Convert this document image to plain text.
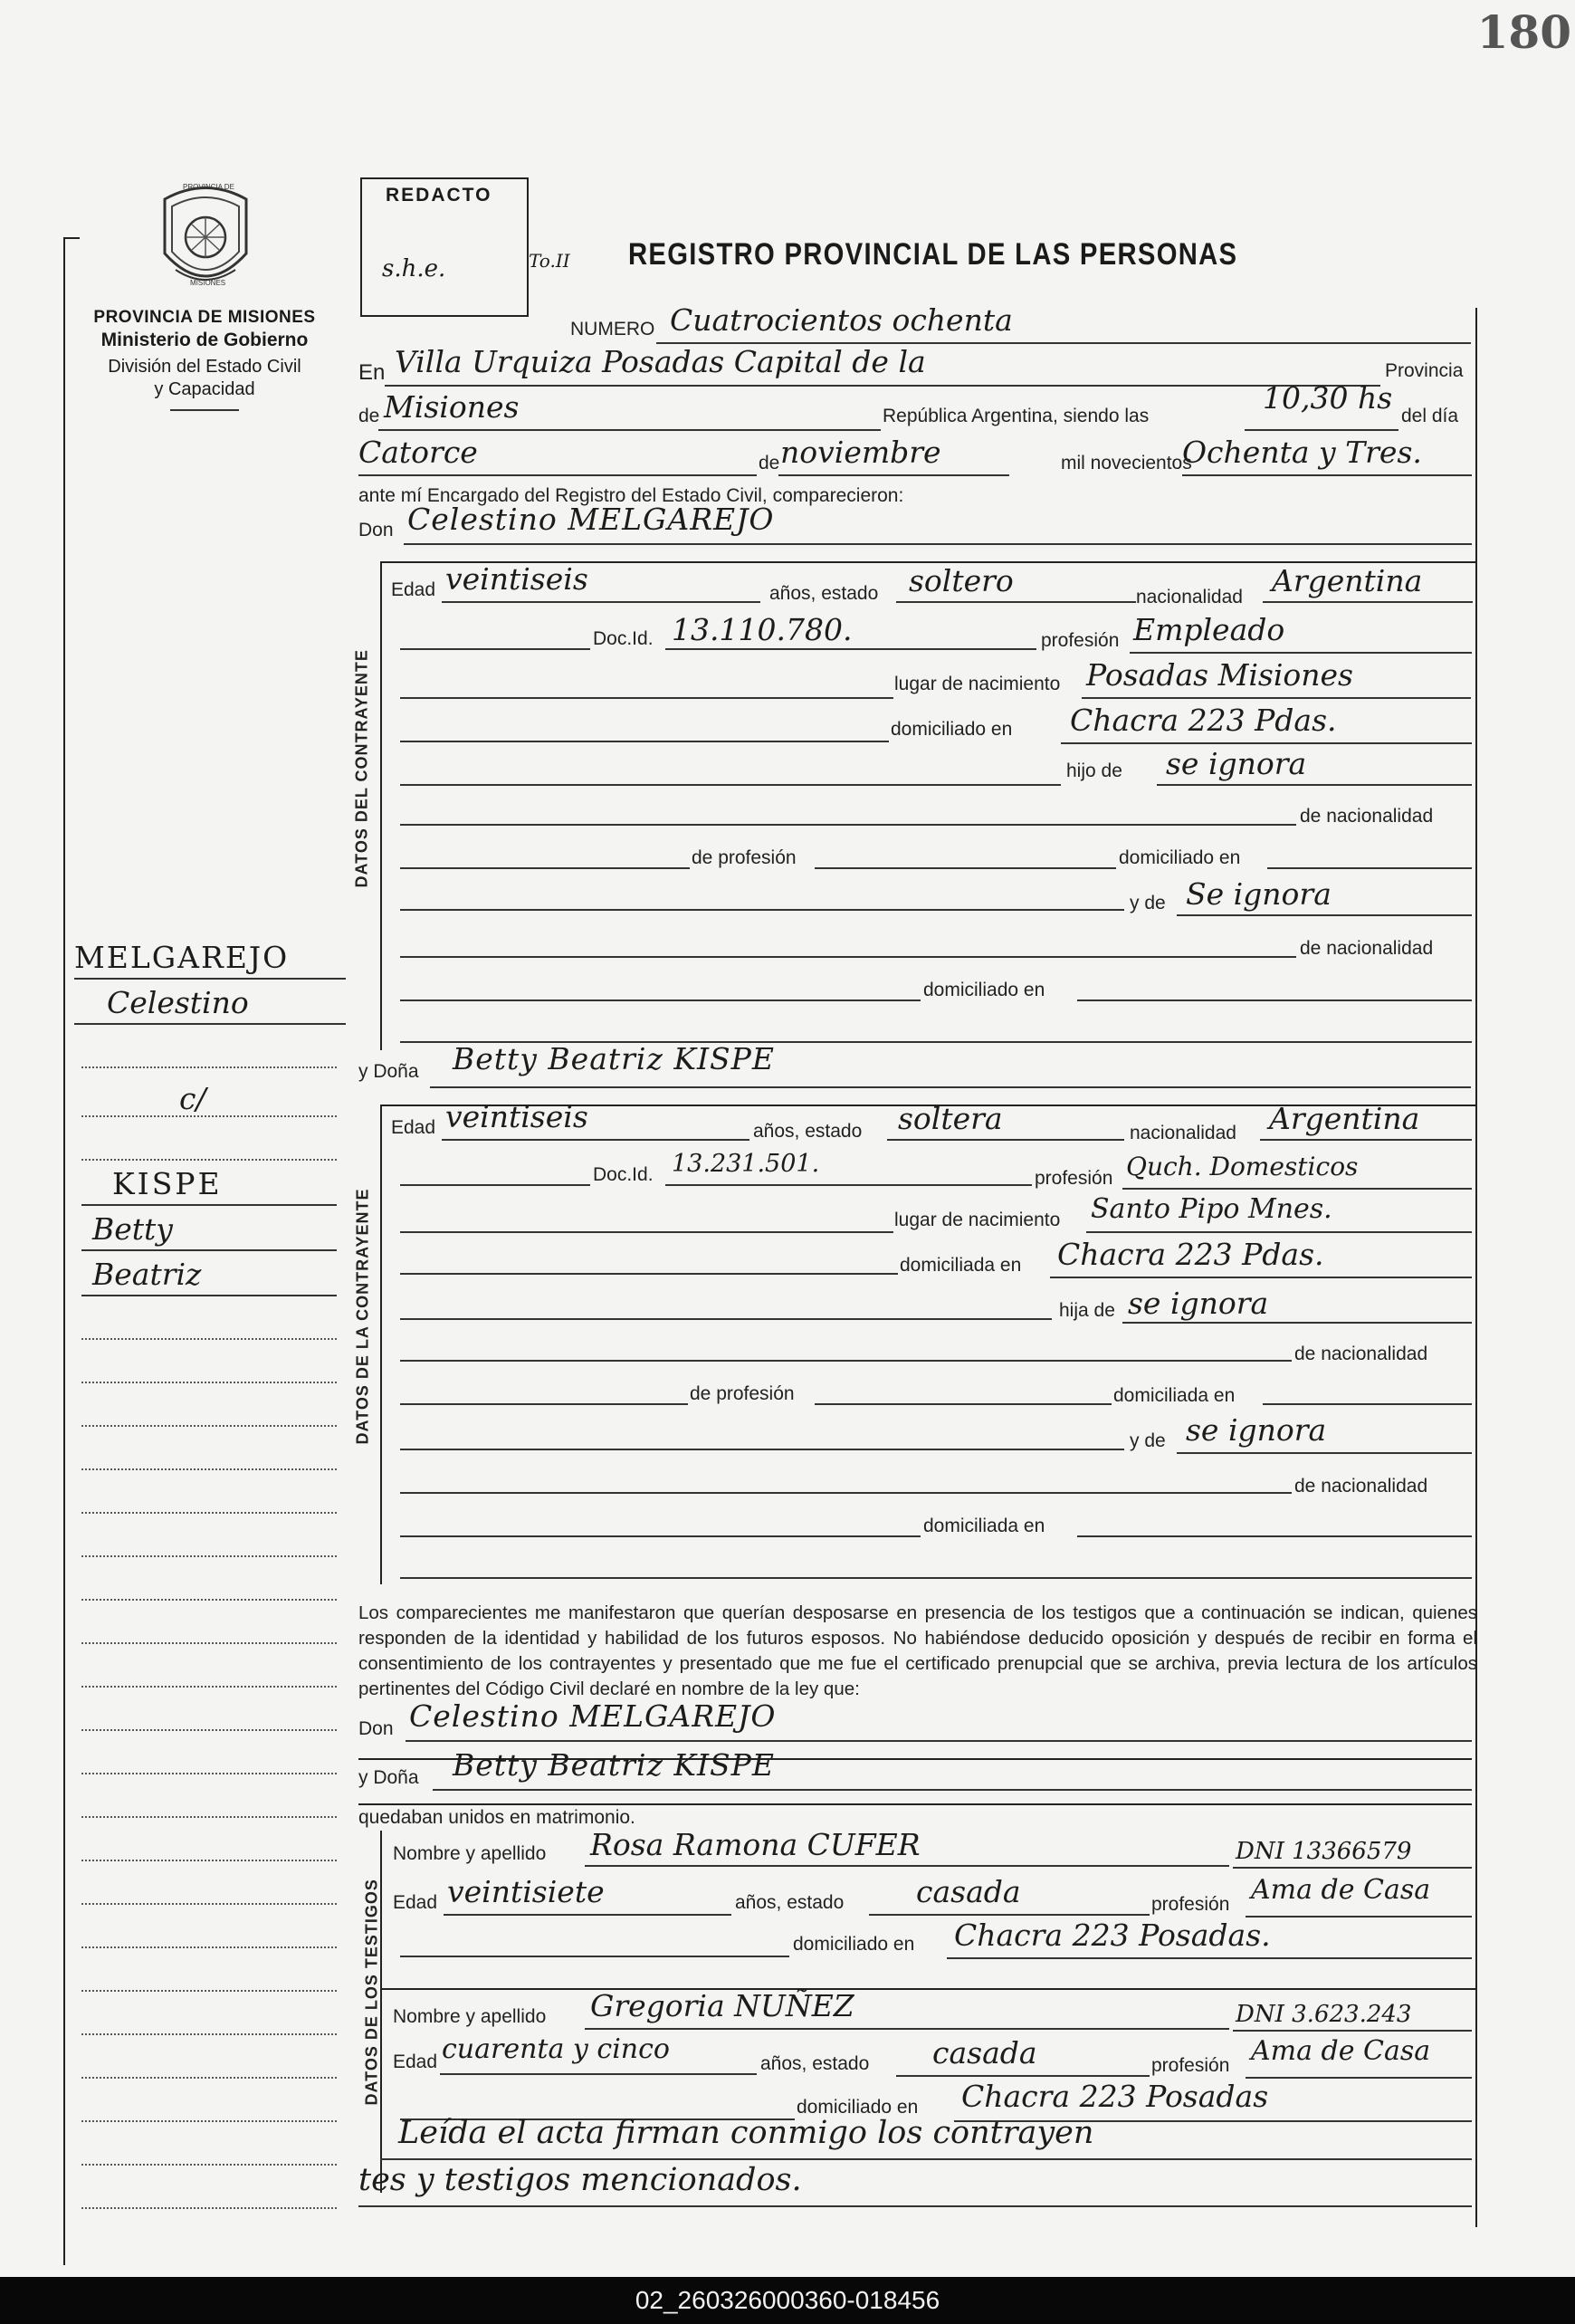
180
PROVINCIA DE
MISIONES
PROVINCIA DE MISIONES
Ministerio de Gobierno
División del Estado Civil
y Capacidad
REDACTO
s.h.e.	To.II REGISTRO PROVINCIAL DE LAS PERSONAS
NUMERO Cuatrocientos ochenta
En Villa Urquiza Posadas Capital de la	Provincia
de Misiones	República Argentina, siendo las
10,30 hs
del día
Catorce	de noviembre	mil novecientos
Ochenta y Tres.
ante mí Encargado del Registro del Estado Civil, comparecieron:
Don Celestino MELGAREJO
DATOS DEL CONTRAYENTE
Edad veintiseis	años, estado soltero	nacionalidad Argentina
Doc.Id. 13.110.780.	profesión Empleado
lugar de nacimiento Posadas Misiones
domiciliado en Chacra 223 Pdas.
hijo de se ignora
de nacionalidad
de profesión	domiciliado en
y de Se ignora
de nacionalidad
domiciliado en
y Doña Betty Beatriz KISPE
DATOS DE LA CONTRAYENTE
Edad veintiseis	años, estado soltera	nacionalidad Argentina
Doc.Id. 13.231.501.
profesión Quch. Domesticos
lugar de nacimiento Santo Pipo Mnes.
domiciliada en Chacra 223 Pdas.
hija de se ignora
de nacionalidad
de profesión	domiciliada en
y de se ignora
de nacionalidad
domiciliada en
MELGAREJO
Celestino
c/
KISPE
Betty
Beatriz
Los comparecientes me manifestaron que querían desposarse en presencia de los testigos que a continuación se indican, quienes responden de la identidad y habilidad de los futuros esposos. No habiéndose deducido oposición y después de recibir en forma el consentimiento de los contrayentes y presentado que me fue el certificado prenupcial que se archiva, previa lectura de los artículos pertinentes del Código Civil declaré en nombre de la ley que:
Don Celestino MELGAREJO
y Doña Betty Beatriz KISPE
quedaban unidos en matrimonio.
DATOS DE LOS TESTIGOS
Nombre y apellido Rosa Ramona CUFER	DNI 13366579
Edad veintisiete	años, estado casada	profesión Ama de Casa
domiciliado en Chacra 223 Posadas.
Nombre y apellido Gregoria NUÑEZ	DNI 3.623.243
Edad cuarenta y cinco	años, estado casada	profesión Ama de Casa
domiciliado en Chacra 223 Posadas
Leída el acta firman conmigo los contrayen
tes y testigos mencionados.
02_260326000360-018456
